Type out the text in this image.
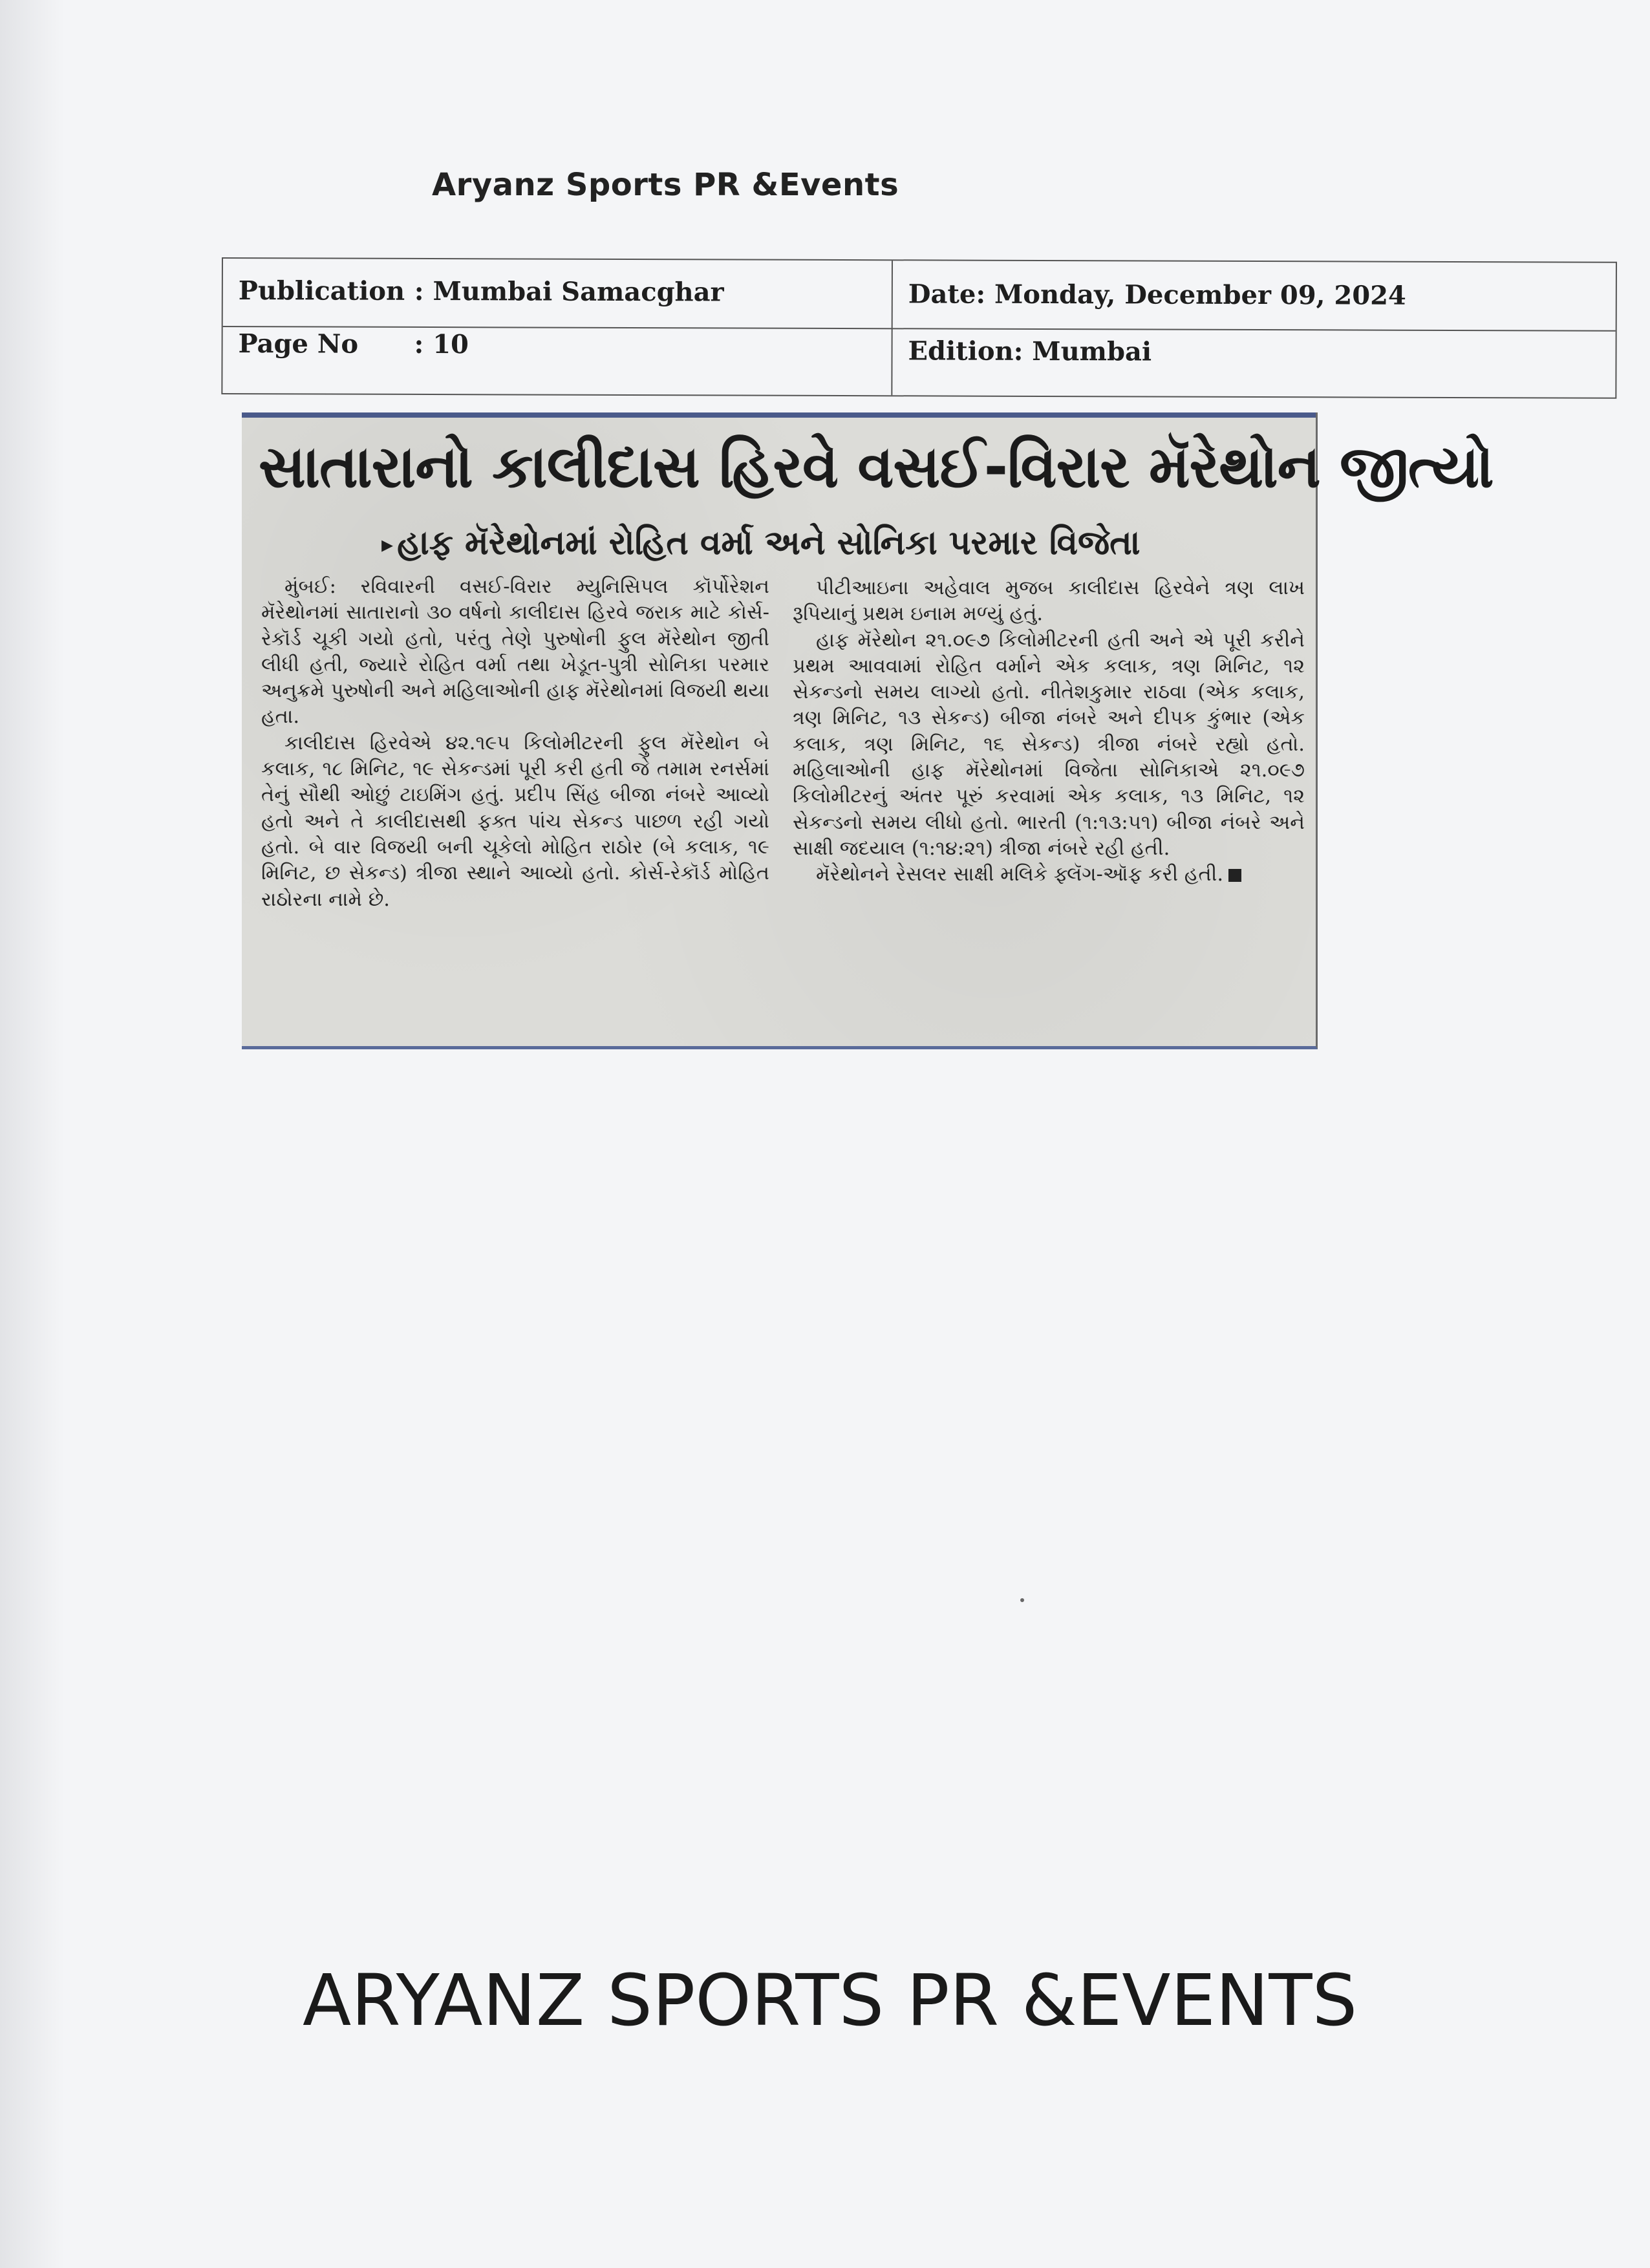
Aryanz Sports PR &Events
Publication : Mumbai Samacghar	Date: Monday, December 09, 2024
Page No : 10	Edition: Mumbai
સાતારાનો કાલીદાસ હિરવે વસઈ-વિરાર મૅરેથોન જીત્યો
▸ હાફ મૅરેથોનમાં રોહિત વર્મા અને સોનિકા પરમાર વિજેતા

મુંબઈ: રવિવારની વસઈ-વિરાર મ્યુનિસિપલ કૉર્પોરેશન મૅરેથોનમાં સાતારાનો ૩૦ વર્ષનો કાલીદાસ હિરવે જરાક માટે કોર્સ-રેકૉર્ડ ચૂકી ગયો હતો, પરંતુ તેણે પુરુષોની ફુલ મૅરેથોન જીતી લીધી હતી, જ્યારે રોહિત વર્મા તથા ખેડૂત-પુત્રી સોનિકા પરમાર અનુક્રમે પુરુષોની અને મહિલાઓની હાફ મૅરેથોનમાં વિજયી થયા હતા.

કાલીદાસ હિરવેએ ૪૨.૧૯૫ કિલોમીટરની ફુલ મૅરેથોન બે કલાક, ૧૮ મિનિટ, ૧૯ સેકન્ડમાં પૂરી કરી હતી જે તમામ રનર્સમાં તેનું સૌથી ઓછું ટાઇમિંગ હતું. પ્રદીપ સિંહ બીજા નંબરે આવ્યો હતો અને તે કાલીદાસથી ફક્ત પાંચ સેકન્ડ પાછળ રહી ગયો હતો. બે વાર વિજયી બની ચૂકેલો મોહિત રાઠોર (બે કલાક, ૧૯ મિનિટ, છ સેકન્ડ) ત્રીજા સ્થાને આવ્યો હતો. કોર્સ-રેકૉર્ડ મોહિત રાઠોરના નામે છે.

પીટીઆઇના અહેવાલ મુજબ કાલીદાસ હિરવેને ત્રણ લાખ રૂપિયાનું પ્રથમ ઇનામ મળ્યું હતું.

હાફ મૅરેથોન ૨૧.૦૯૭ કિલોમીટરની હતી અને એ પૂરી કરીને પ્રથમ આવવામાં રોહિત વર્માને એક કલાક, ત્રણ મિનિટ, ૧૨ સેકન્ડનો સમય લાગ્યો હતો. નીતેશકુમાર રાઠવા (એક કલાક, ત્રણ મિનિટ, ૧૩ સેકન્ડ) બીજા નંબરે અને દીપક કુંભાર (એક કલાક, ત્રણ મિનિટ, ૧૬ સેકન્ડ) ત્રીજા નંબરે રહ્યો હતો. મહિલાઓની હાફ મૅરેથોનમાં વિજેતા સોનિકાએ ૨૧.૦૯૭ કિલોમીટરનું અંતર પૂરું કરવામાં એક કલાક, ૧૩ મિનિટ, ૧૨ સેકન્ડનો સમય લીધો હતો. ભારતી (૧:૧૩:૫૧) બીજા નંબરે અને સાક્ષી જદયાલ (૧:૧૪:૨૧) ત્રીજા નંબરે રહી હતી.

મૅરેથોનને રેસલર સાક્ષી મલિકે ફ્લૅગ-ઑફ કરી હતી.

ARYANZ SPORTS PR &EVENTS
